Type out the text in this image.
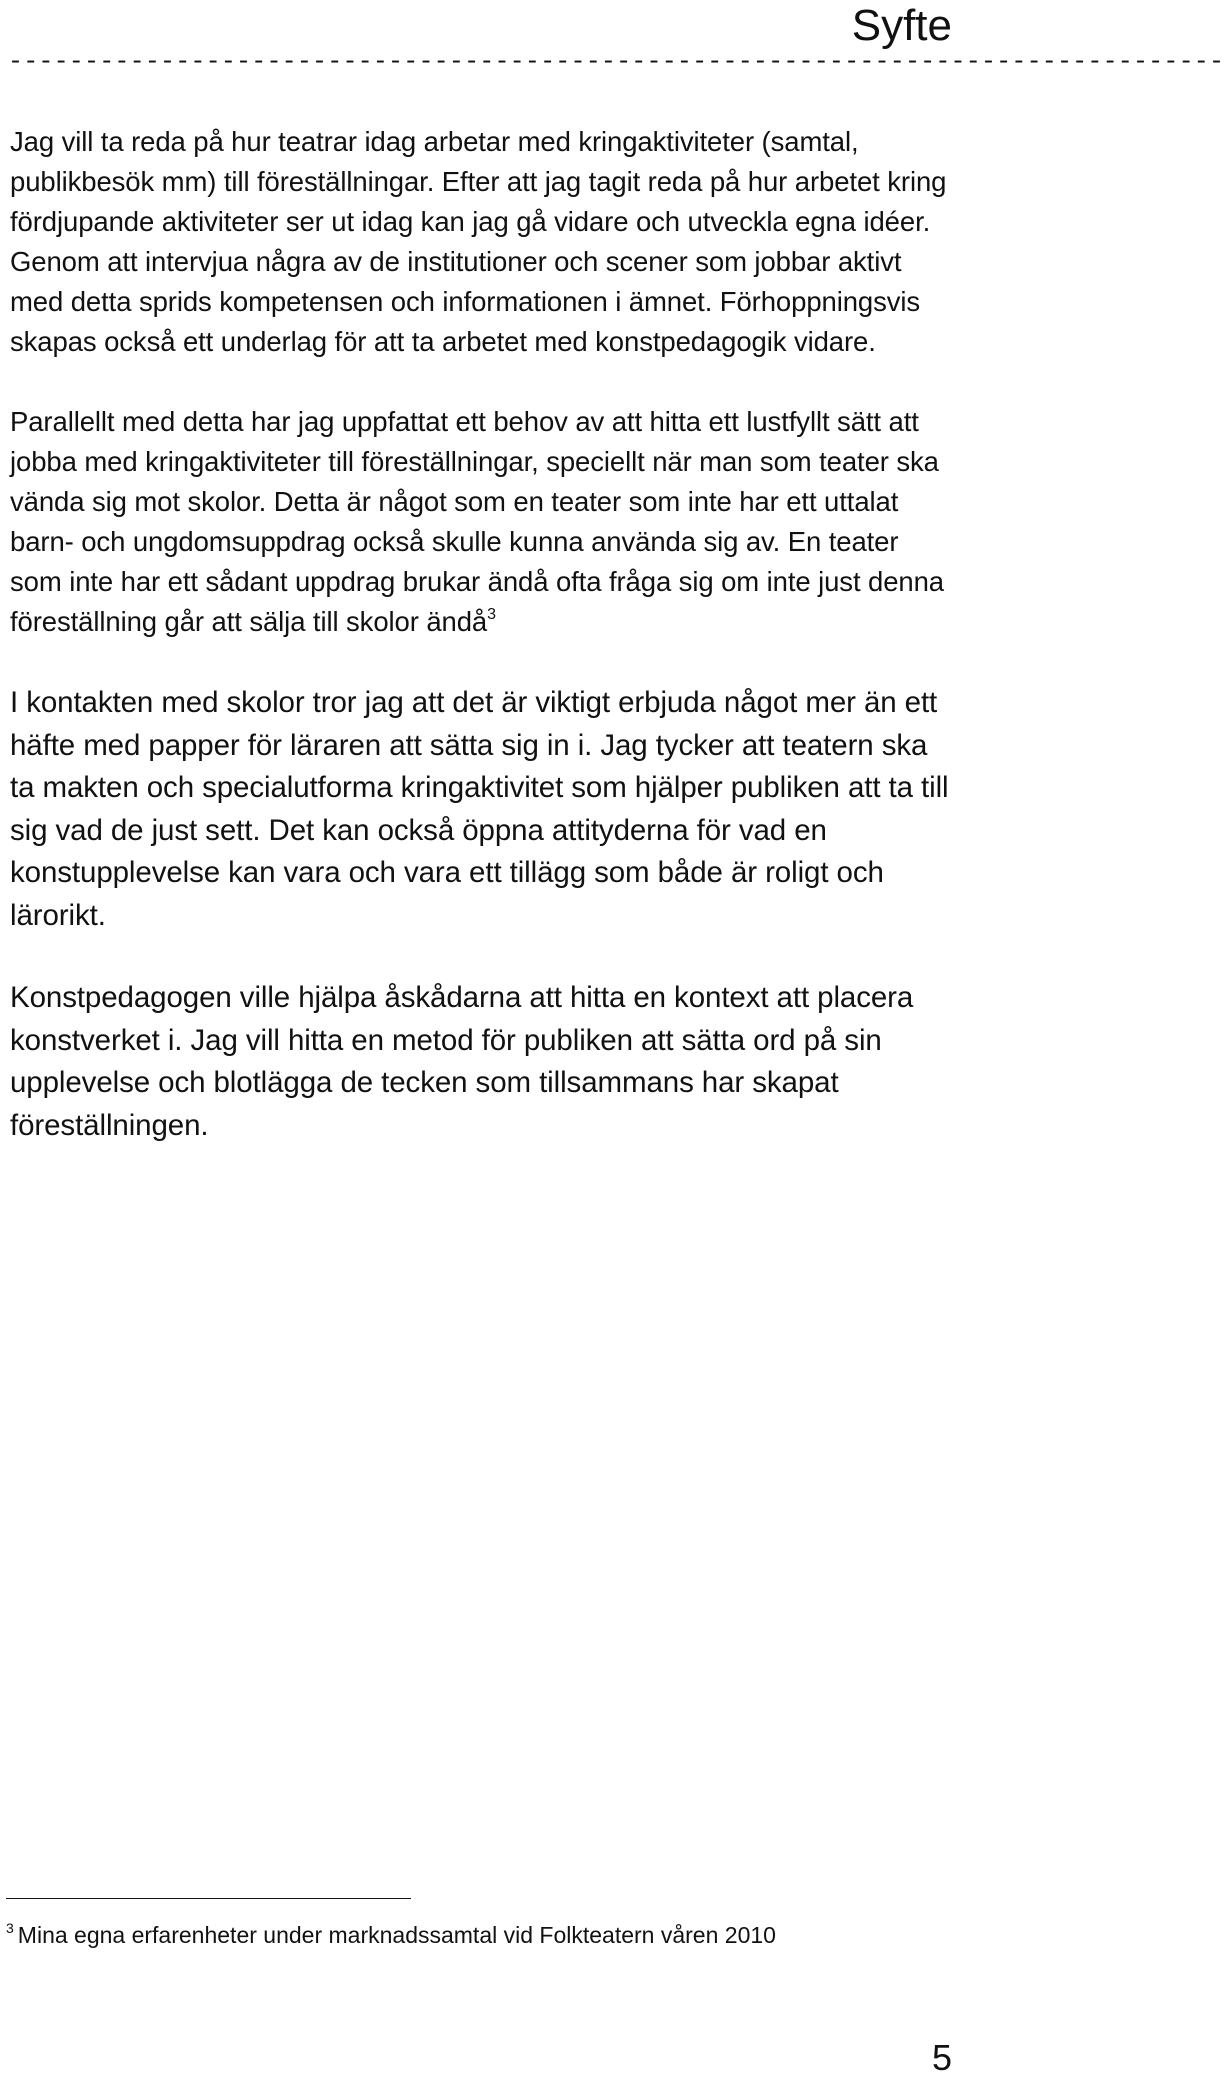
Syfte
--------------------------------------------------------------------------------

Jag vill ta reda på hur teatrar idag arbetar med kringaktiviteter (samtal, publikbesök mm) till föreställningar. Efter att jag tagit reda på hur arbetet kring fördjupande aktiviteter ser ut idag kan jag gå vidare och utveckla egna idéer. Genom att intervjua några av de institutioner och scener som jobbar aktivt med detta sprids kompetensen och informationen i ämnet. Förhoppningsvis skapas också ett underlag för att ta arbetet med konstpedagogik vidare.

Parallellt med detta har jag uppfattat ett behov av att hitta ett lustfyllt sätt att jobba med kringaktiviteter till föreställningar, speciellt när man som teater ska vända sig mot skolor. Detta är något som en teater som inte har ett uttalat barn- och ungdomsuppdrag också skulle kunna använda sig av. En teater som inte har ett sådant uppdrag brukar ändå ofta fråga sig om inte just denna föreställning går att sälja till skolor ändå$^3$

I kontakten med skolor tror jag att det är viktigt erbjuda något mer än ett häfte med papper för läraren att sätta sig in i. Jag tycker att teatern ska ta makten och specialutforma kringaktivitet som hjälper publiken att ta till sig vad de just sett. Det kan också öppna attityderna för vad en konstupplevelse kan vara och vara ett tillägg som både är roligt och lärorikt.

Konstpedagogen ville hjälpa åskådarna att hitta en kontext att placera konstverket i. Jag vill hitta en metod för publiken att sätta ord på sin upplevelse och blotlägga de tecken som tillsammans har skapat föreställningen.

$^3$ Mina egna erfarenheter under marknadssamtal vid Folkteatern våren 2010
5
